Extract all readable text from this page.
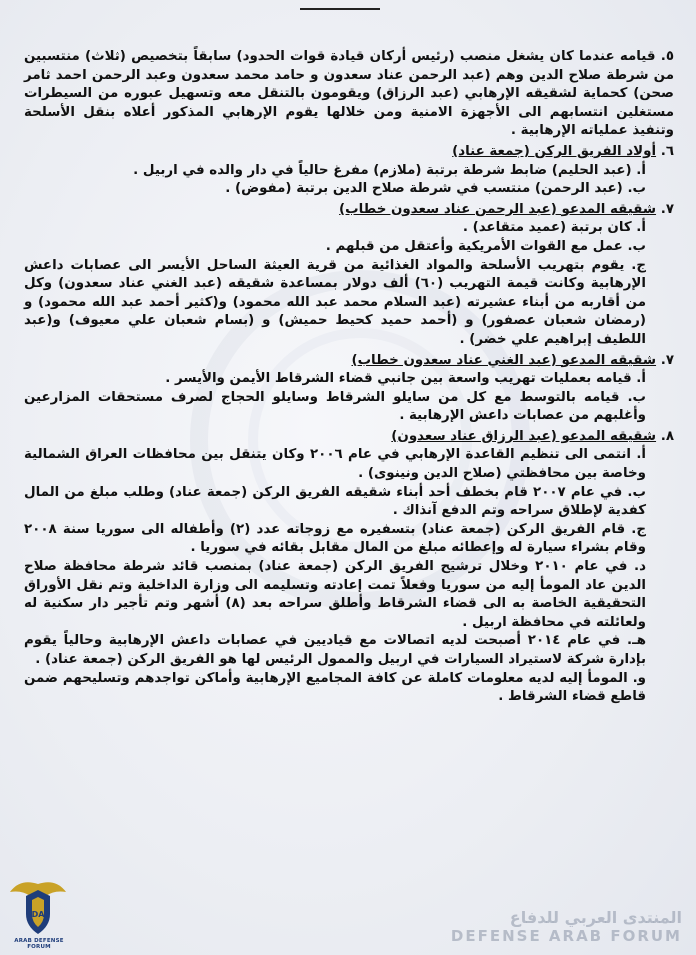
٥. قيامه عندما كان يشغل منصب (رئيس أركان قيادة قوات الحدود) سابقاً بتخصيص (ثلاث) منتسبين من شرطة صلاح الدين وهم (عبد الرحمن عناد سعدون و حامد محمد سعدون وعبد الرحمن احمد ثامر صحن) كحماية لشقيقه الإرهابي (عبد الرزاق) ويقومون بالتنقل معه وتسهيل عبوره من السيطرات مستغلين انتسابهم الى الأجهزة الامنية ومن خلالها يقوم الإرهابي المذكور أعلاه بنقل الأسلحة وتنفيذ عملياته الإرهابية .

٦. أولاد الفريق الركن (جمعة عناد)

أ. (عبد الحليم) ضابط شرطة برتبة (ملازم) مفرغ حالياً في دار والده في اربيل .

ب. (عبد الرحمن) منتسب في شرطة صلاح الدين برتبة (مفوض) .

٧. شقيقه المدعو (عبد الرحمن عناد سعدون خطاب)

أ. كان برتبة (عميد متقاعد) .

ب. عمل مع القوات الأمريكية وأعتقل من قبلهم .

ج. يقوم بتهريب الأسلحة والمواد الغذائية من قرية العيثة الساحل الأيسر الى عصابات داعش الإرهابية وكانت قيمة التهريب (٦٠) ألف دولار بمساعدة شقيقه (عبد الغني عناد سعدون) وكل من أقاربه من أبناء عشيرته (عبد السلام محمد عبد الله محمود) و(كثير أحمد عبد الله محمود) و (رمضان شعبان عصفور) و (أحمد حميد كحيط حميش) و (بسام شعبان علي معيوف) و(عبد اللطيف إبراهيم علي خضر) .

٧. شقيقه المدعو (عبد الغني عناد سعدون خطاب)

أ. قيامه بعمليات تهريب واسعة بين جانبي قضاء الشرقاط الأيمن والأيسر .

ب. قيامه بالتوسط مع كل من سايلو الشرقاط وسايلو الحجاج لصرف مستحقات المزارعين وأغلبهم من عصابات داعش الإرهابية .

٨. شقيقه المدعو (عبد الرزاق عناد سعدون)

أ. انتمى الى تنظيم القاعدة الإرهابي في عام ٢٠٠٦ وكان يتنقل بين محافظات العراق الشمالية وخاصة بين محافظتي (صلاح الدين ونينوى) .

ب. في عام ٢٠٠٧ قام بخطف أحد أبناء شقيقه الفريق الركن (جمعة عناد) وطلب مبلغ من المال كفدية لإطلاق سراحه وتم الدفع آنذاك .

ج. قام الفريق الركن (جمعة عناد) بتسفيره مع زوجاته عدد (٢) وأطفاله الى سوريا سنة ٢٠٠٨ وقام بشراء سيارة له وإعطائه مبلغ من المال مقابل بقائه في سوريا .

د. في عام ٢٠١٠ وخلال ترشيح الفريق الركن (جمعة عناد) بمنصب قائد شرطة محافظة صلاح الدين عاد المومأ إليه من سوريا وفعلاً تمت إعادته وتسليمه الى وزارة الداخلية وتم نقل الأوراق التحقيقية الخاصة به الى قضاء الشرقاط وأطلق سراحه بعد (٨) أشهر وتم تأجير دار سكنية له ولعائلته في محافظة اربيل .

هـ. في عام ٢٠١٤ أصبحت لديه اتصالات مع قياديين في عصابات داعش الإرهابية وحالياً يقوم بإدارة شركة لاستيراد السيارات في اربيل والممول الرئيس لها هو الفريق الركن (جمعة عناد) .

و. المومأ إليه لديه معلومات كاملة عن كافة المجاميع الإرهابية وأماكن تواجدهم وتسليحهم ضمن قاطع قضاء الشرقاط .

DA
ARAB DEFENSE FORUM
المنتدى العربي للدفاع
DEFENSE ARAB FORUM
